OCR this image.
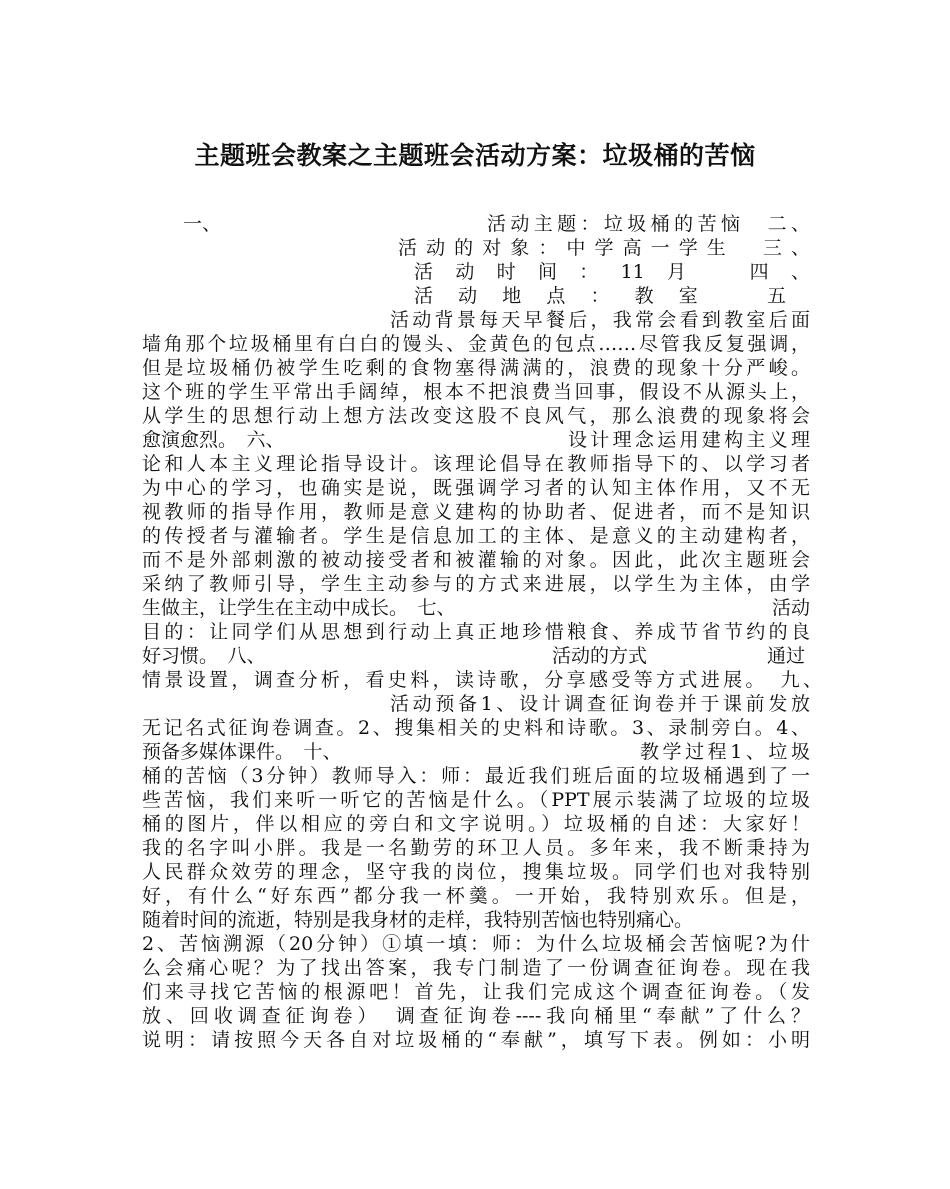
主题班会教案之主题班会活动方案：垃圾桶的苦恼
一、	活动主题：垃圾桶的苦恼　二、
活动的对象：中学高一学生　三、
活动时间：11月　四、
活动地点：教室　五
活动背景每天早餐后，我常会看到教室后面
墙角那个垃圾桶里有白白的馒头、金黄色的包点……尽管我反复强调，
但是垃圾桶仍被学生吃剩的食物塞得满满的，浪费的现象十分严峻。
这个班的学生平常出手阔绰，根本不把浪费当回事，假设不从源头上，
从学生的思想行动上想方法改变这股不良风气，那么浪费的现象将会
愈演愈烈。　六、	设计理念运用建构主义理
论和人本主义理论指导设计。该理论倡导在教师指导下的、以学习者
为中心的学习，也确实是说，既强调学习者的认知主体作用，又不无
视教师的指导作用，教师是意义建构的协助者、促进者，而不是知识
的传授者与灌输者。学生是信息加工的主体、是意义的主动建构者，
而不是外部刺激的被动接受者和被灌输的对象。因此，此次主题班会
采纳了教师引导，学生主动参与的方式来进展，以学生为主体，由学
生做主，让学生在主动中成长。　七、	活动
目的：让同学们从思想到行动上真正地珍惜粮食、养成节省节约的良
好习惯。　八、	活动的方式	通过
情景设置，调查分析，看史料，读诗歌，分享感受等方式进展。　九、
活动预备1、设计调查征询卷并于课前发放
无记名式征询卷调查。2、搜集相关的史料和诗歌。3、录制旁白。4、
预备多媒体课件。　十、	教学过程1、垃圾
桶的苦恼（3分钟）教师导入：师：最近我们班后面的垃圾桶遇到了一
些苦恼，我们来听一听它的苦恼是什么。（PPT展示装满了垃圾的垃圾
桶的图片，伴以相应的旁白和文字说明。）垃圾桶的自述：大家好！
我的名字叫小胖。我是一名勤劳的环卫人员。多年来，我不断秉持为
人民群众效劳的理念，坚守我的岗位，搜集垃圾。同学们也对我特别
好，有什么“好东西”都分我一杯羹。一开始，我特别欢乐。但是，
随着时间的流逝，特别是我身材的走样，我特别苦恼也特别痛心。
2、苦恼溯源（20分钟）①填一填：师：为什么垃圾桶会苦恼呢?为什
么会痛心呢？为了找出答案，我专门制造了一份调查征询卷。现在我
们来寻找它苦恼的根源吧！首先，让我们完成这个调查征询卷。（发
放、回收调查征询卷）　调查征询卷----我向桶里“奉献”了什么？
说明：请按照今天各自对垃圾桶的“奉献”，填写下表。例如：小明
